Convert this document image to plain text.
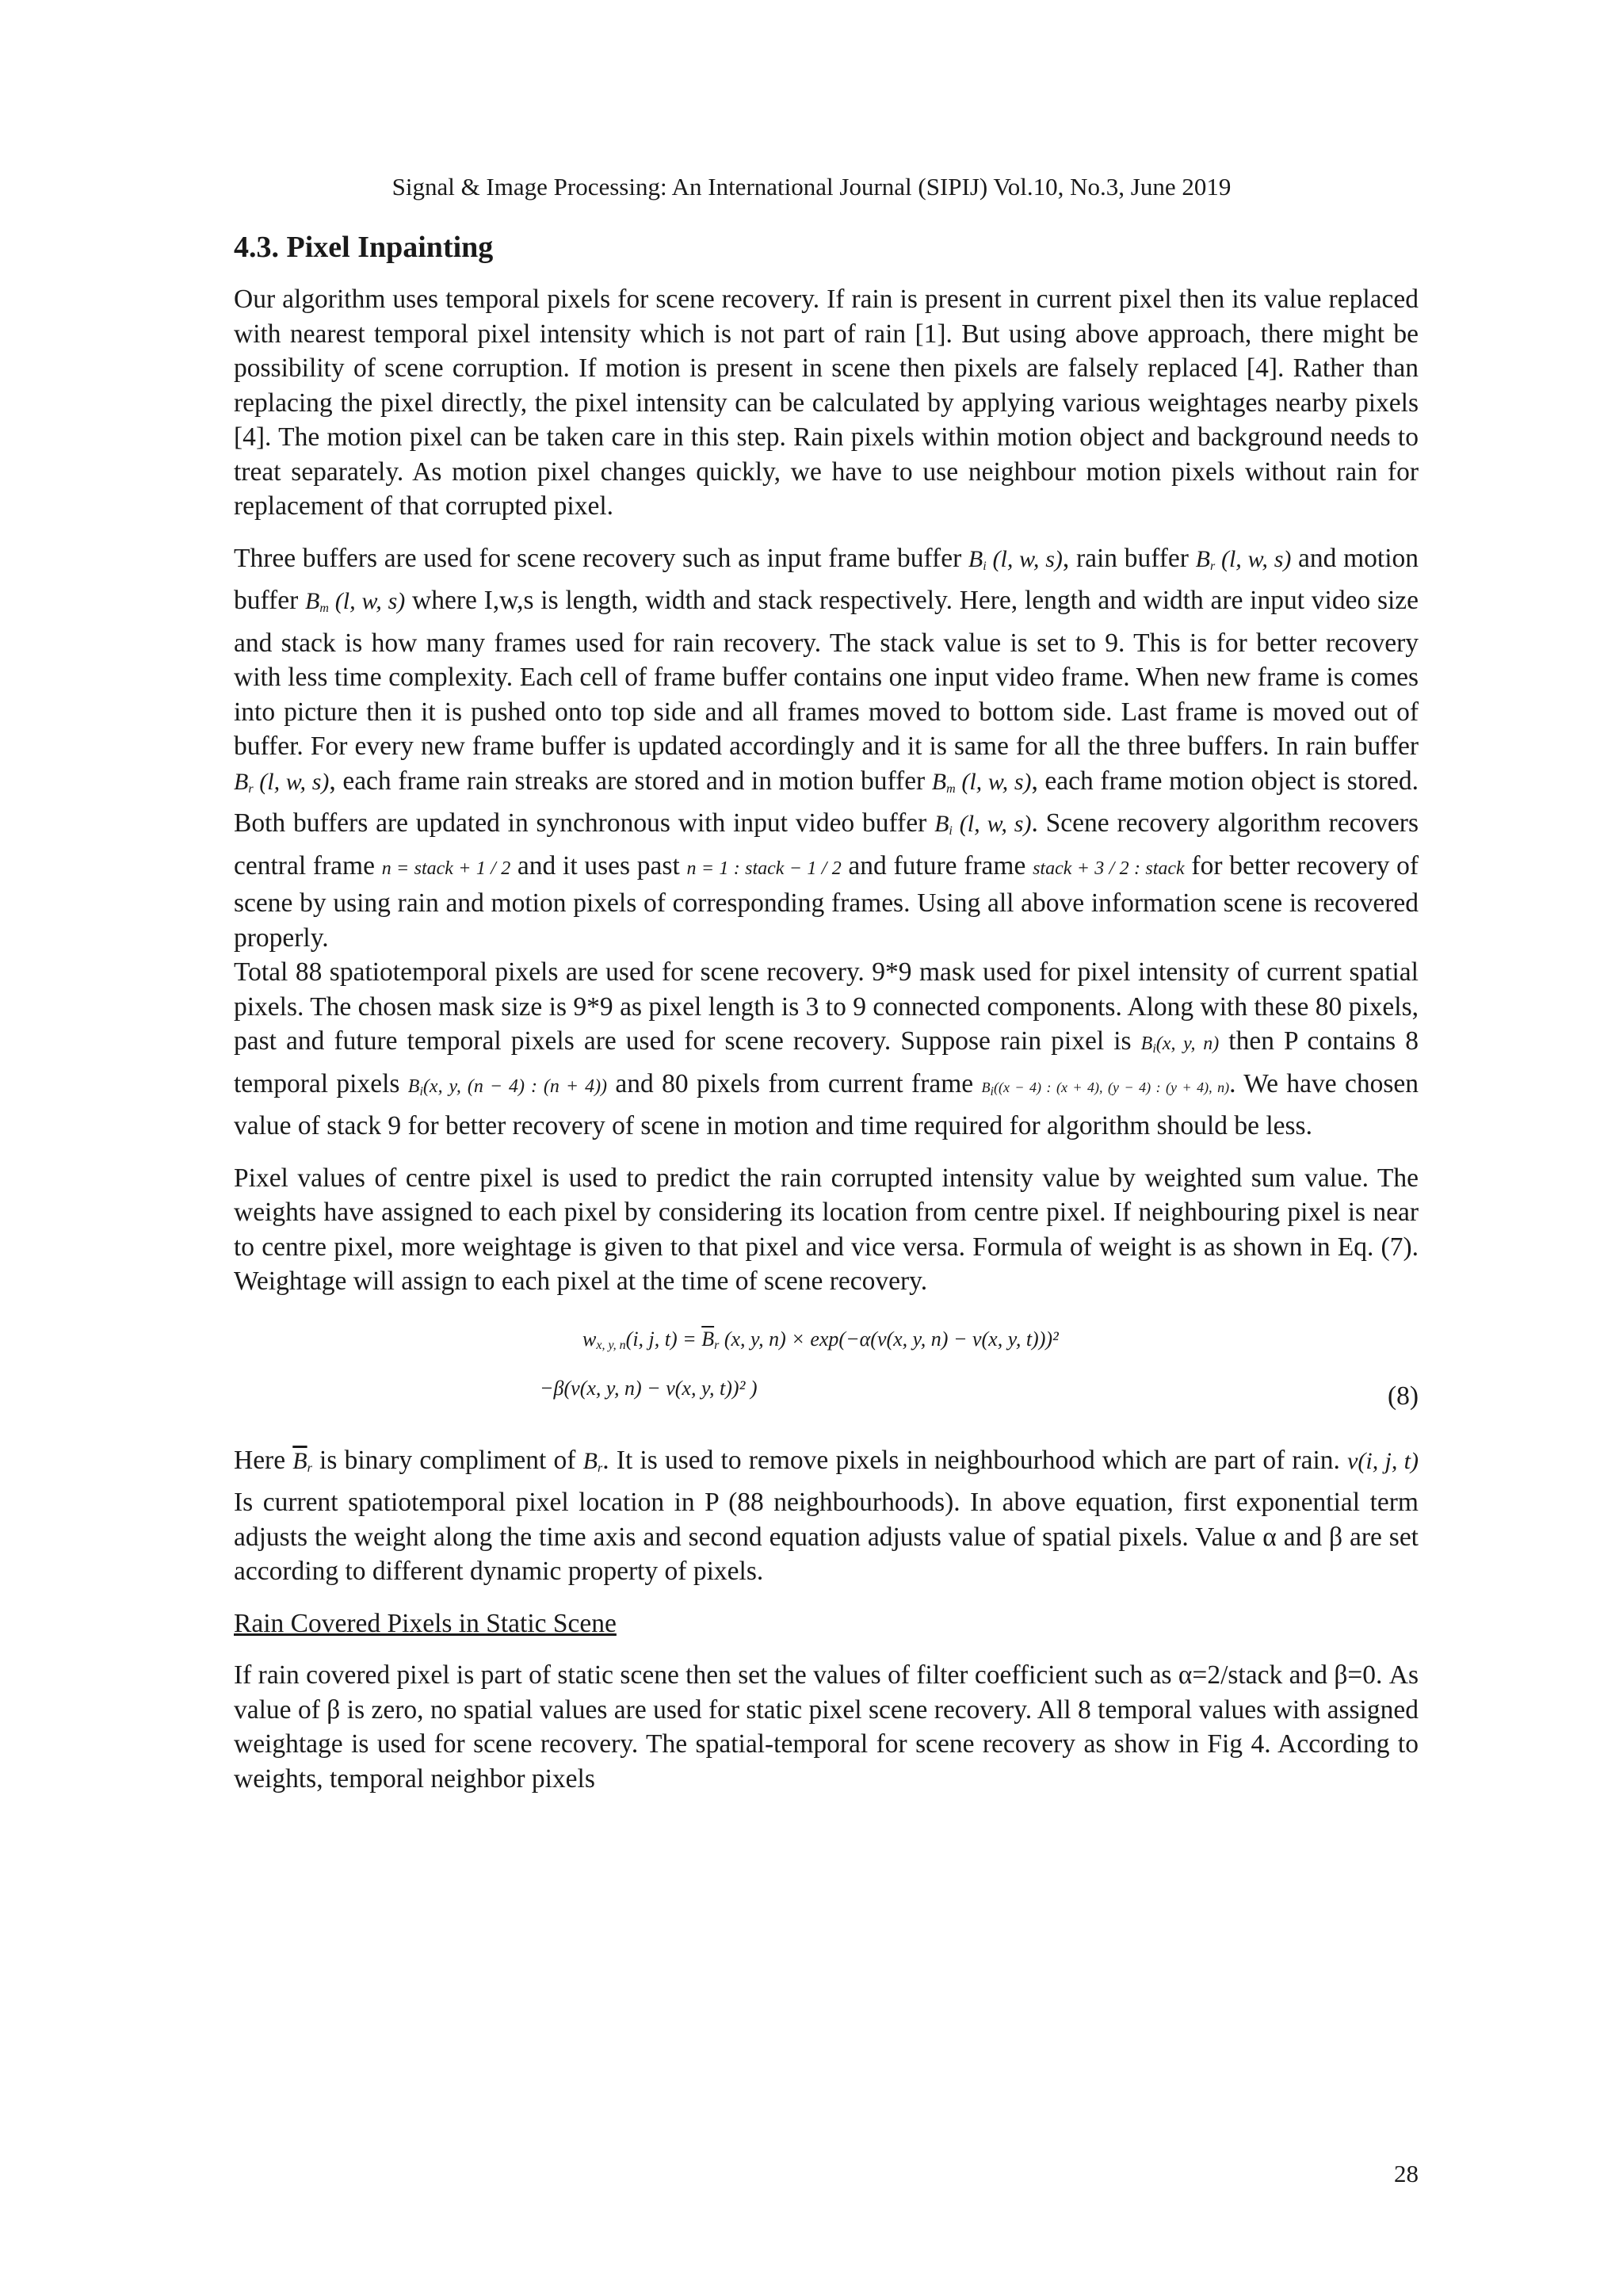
Signal & Image Processing: An International Journal (SIPIJ) Vol.10, No.3, June 2019
4.3. Pixel Inpainting

Our algorithm uses temporal pixels for scene recovery. If rain is present in current pixel then its value replaced with nearest temporal pixel intensity which is not part of rain [1]. But using above approach, there might be possibility of scene corruption. If motion is present in scene then pixels are falsely replaced [4]. Rather than replacing the pixel directly, the pixel intensity can be calculated by applying various weightages nearby pixels [4]. The motion pixel can be taken care in this step. Rain pixels within motion object and background needs to treat separately. As motion pixel changes quickly, we have to use neighbour motion pixels without rain for replacement of that corrupted pixel.

Three buffers are used for scene recovery such as input frame buffer $B_i$ (l, w, s), rain buffer $B_r$ (l, w, s) and motion buffer $B_m$ (l, w, s) where I,w,s is length, width and stack respectively. Here, length and width are input video size and stack is how many frames used for rain recovery. The stack value is set to 9. This is for better recovery with less time complexity. Each cell of frame buffer contains one input video frame. When new frame is comes into picture then it is pushed onto top side and all frames moved to bottom side. Last frame is moved out of buffer. For every new frame buffer is updated accordingly and it is same for all the three buffers. In rain buffer $B_r$ (l, w, s), each frame rain streaks are stored and in motion buffer $B_m$ (l, w, s), each frame motion object is stored. Both buffers are updated in synchronous with input video buffer $B_i$ (l, w, s). Scene recovery algorithm recovers central frame n = stack + 1 / 2 and it uses past n = 1 : stack − 1 / 2 and future frame stack + 3 / 2 : stack for better recovery of scene by using rain and motion pixels of corresponding frames. Using all above information scene is recovered properly.

Total 88 spatiotemporal pixels are used for scene recovery. 9*9 mask used for pixel intensity of current spatial pixels. The chosen mask size is 9*9 as pixel length is 3 to 9 connected components. Along with these 80 pixels, past and future temporal pixels are used for scene recovery. Suppose rain pixel is $B_i(x$, y, n) then P contains 8 temporal pixels $B_i(x$, y, (n − 4) : (n + 4)) and 80 pixels from current frame Bi((x − 4) : (x + 4), (y − 4) : (y + 4), n). We have chosen value of stack 9 for better recovery of scene in motion and time required for algorithm should be less.

Pixel values of centre pixel is used to predict the rain corrupted intensity value by weighted sum value. The weights have assigned to each pixel by considering its location from centre pixel. If neighbouring pixel is near to centre pixel, more weightage is given to that pixel and vice versa. Formula of weight is as shown in Eq. (7). Weightage will assign to each pixel at the time of scene recovery.

$w_{x, y, n}(i$, j, $t) = \overline{B}_r$ (x, y, n) × exp(−α(v(x, y, n) − v(x, y, t)))²
−β(v(x, y, n) − v(x, y, t))² )	(8)

Here $\overline{B}_r$ is binary compliment of $B_r$. It is used to remove pixels in neighbourhood which are part of rain. v(i, j, t) Is current spatiotemporal pixel location in P (88 neighbourhoods). In above equation, first exponential term adjusts the weight along the time axis and second equation adjusts value of spatial pixels. Value α and β are set according to different dynamic property of pixels.

Rain Covered Pixels in Static Scene

If rain covered pixel is part of static scene then set the values of filter coefficient such as α=2/stack and β=0. As value of β is zero, no spatial values are used for static pixel scene recovery. All 8 temporal values with assigned weightage is used for scene recovery. The spatial-temporal for scene recovery as show in Fig 4. According to weights, temporal neighbor pixels

28
